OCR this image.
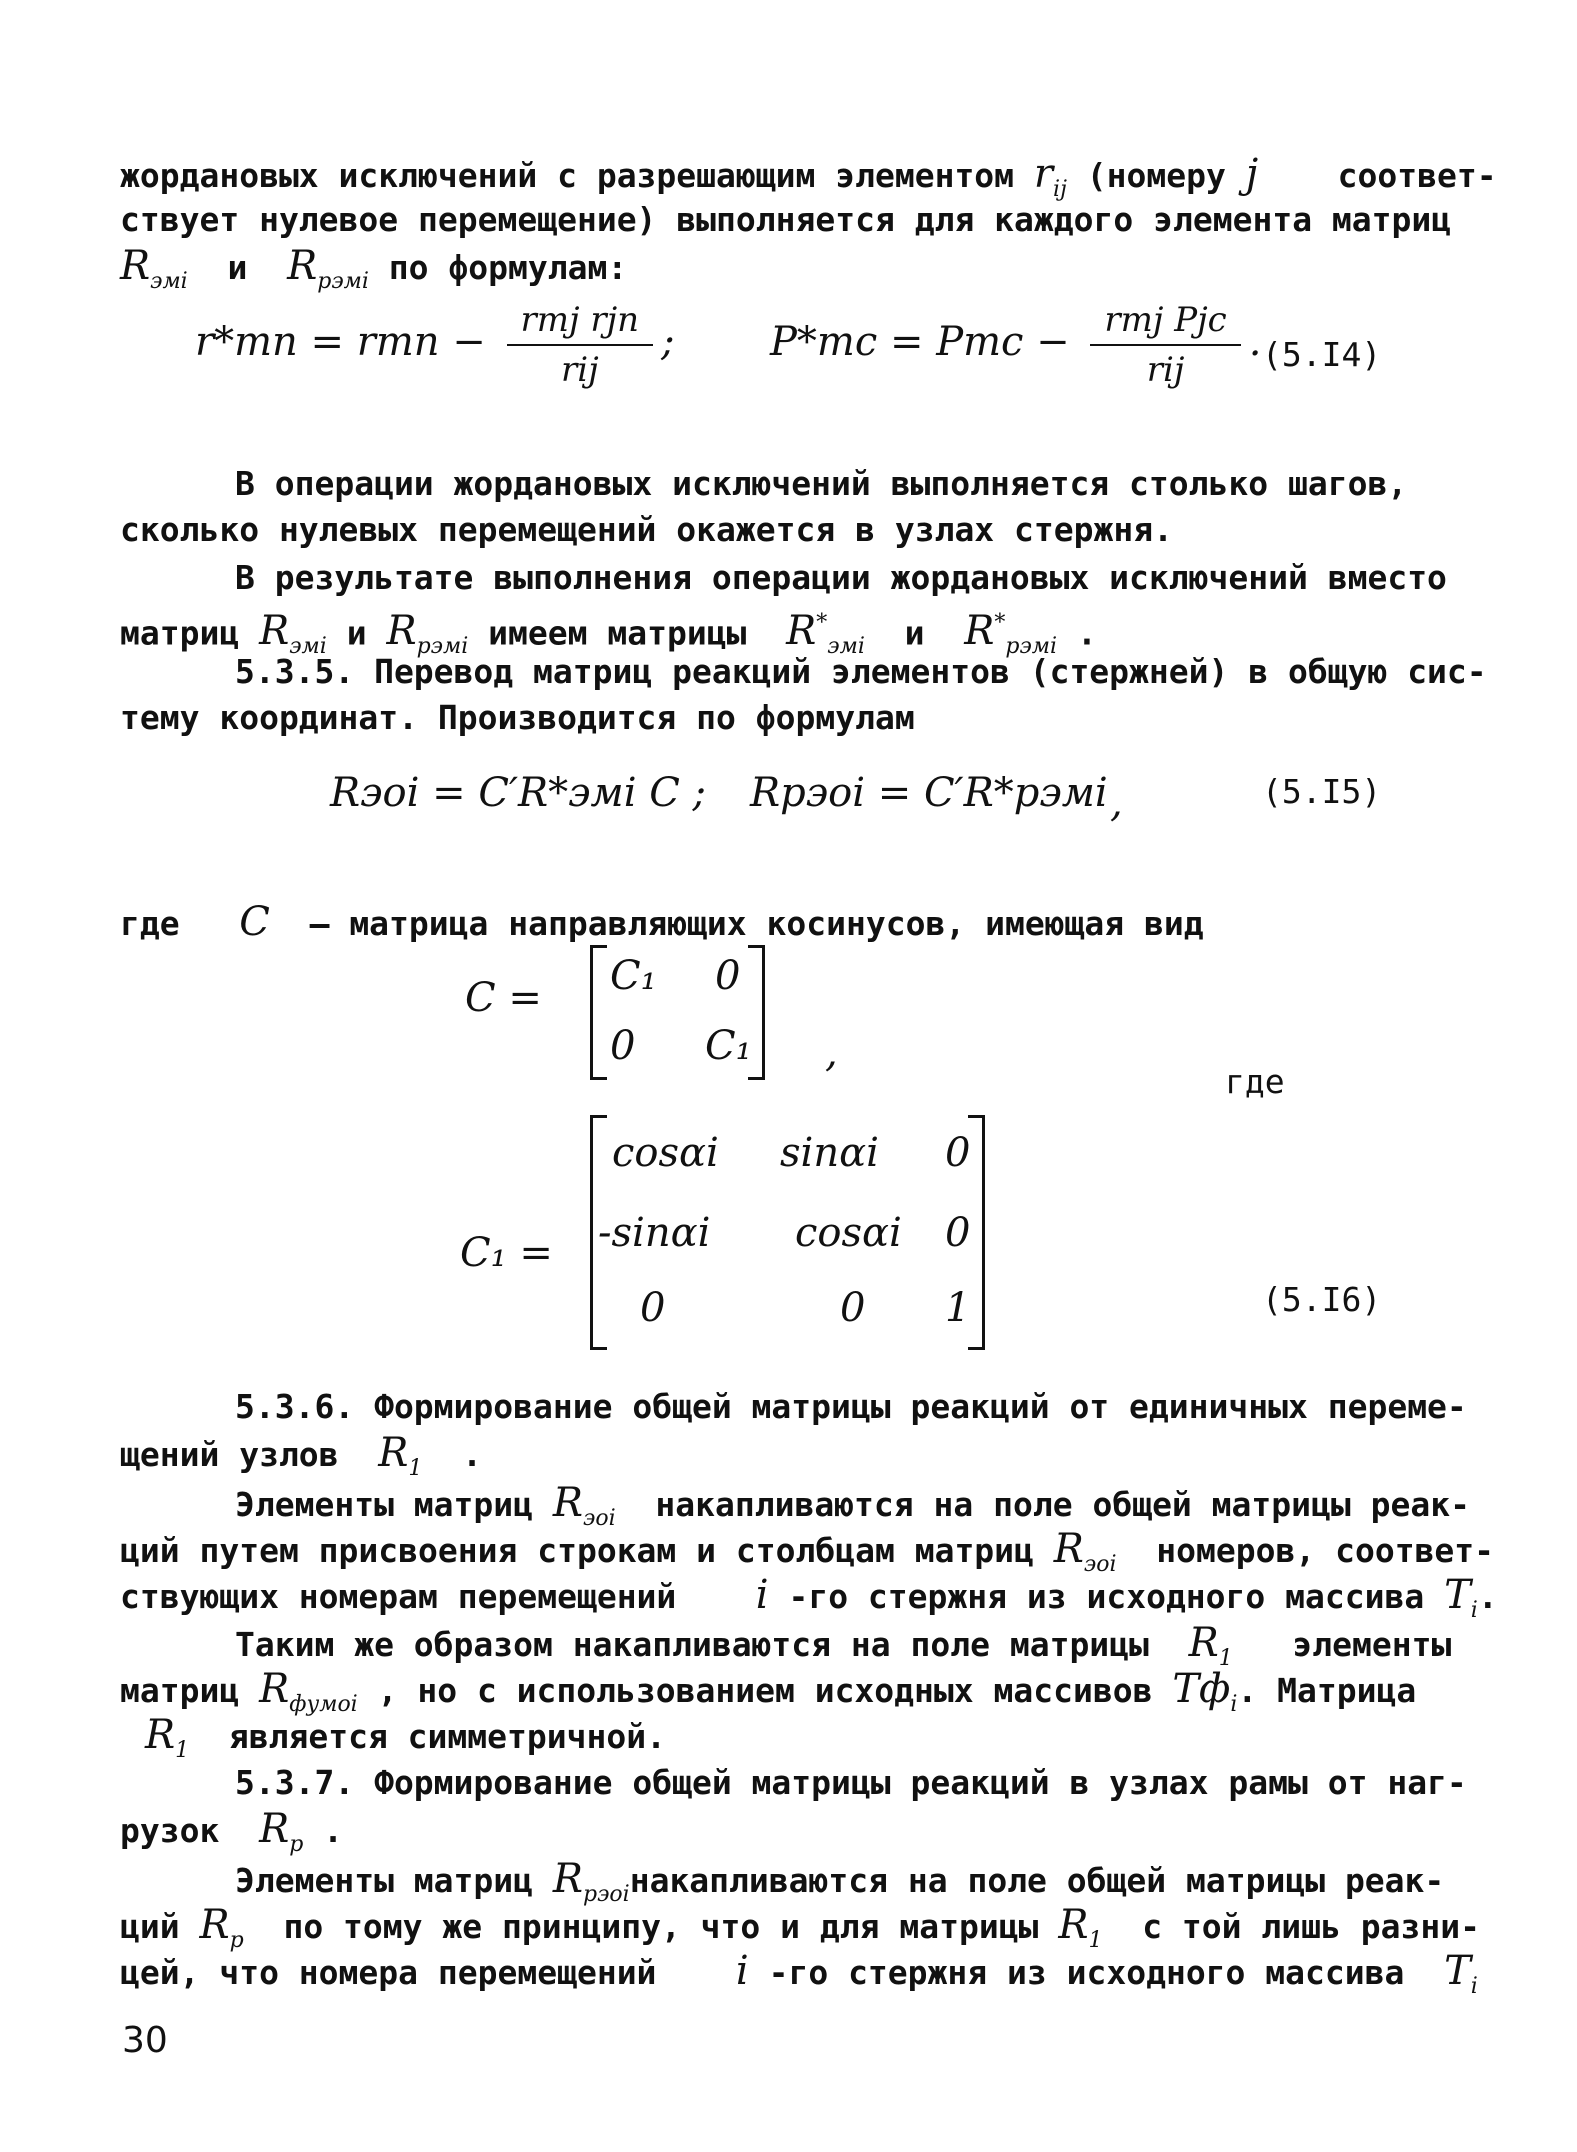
жордановых исключений с разрешающим элементом $r_{ij}$ (номеру j соответ-
ствует нулевое перемещение) выполняется для каждого элемента матриц
$R_{эмi}$ и $R_{рэмi}$ по формулам:
r*mn = rmn − $\frac{\text{rmj rjn}}{\text{rij}}$ ; P*mc = Pmc − $\frac{\text{rmj Pjc}}{\text{rij}}$ . (5.I4)
В операции жордановых исключений выполняется столько шагов,
сколько нулевых перемещений окажется в узлах стержня.
В результате выполнения операции жордановых исключений вместо
матриц $R_{эмi}$ и $R_{рэмi}$ имеем матрицы $R^*_{эмi}$ и $R^*_{рэмi}$ .
5.3.5. Перевод матриц реакций элементов (стержней) в общую сис-
тему координат. Производится по формулам
Rэоi = C′R*эмi C ; Rрэоi = C′R*рэмi ,	(5.I5)
где C – матрица направляющих косинусов, имеющая вид
C = C₁ 0
0 C₁ ,
где
C₁ =
cosαi sinαi 0
-sinαi cosαi 0
0	0 1	(5.I6)
5.3.6. Формирование общей матрицы реакций от единичных переме-
щений узлов $R_1$  .
Элементы матриц $R_{эоi}$ накапливаются на поле общей матрицы реак-
ций путем присвоения строкам и столбцам матриц $R_{эоi}$ номеров, соответ-
ствующих номерам перемещений i -го стержня из исходного массива $T_i$.
Таким же образом накапливаются на поле матрицы $R_1$ элементы
матриц $R_{фумоi}$ , но с использованием исходных массивов $Tф_i$. Матрица
$R_1$ является симметричной.
5.3.7. Формирование общей матрицы реакций в узлах рамы от наг-
рузок $R_p$ .
Элементы матриц $R_{рэоi}накапливаются$ на поле общей матрицы реак-
ций $R_p$ по тому же принципу, что и для матрицы $R_1$ с той лишь разни-
цей, что номера перемещений i -го стержня из исходного массива $T_i$
30
